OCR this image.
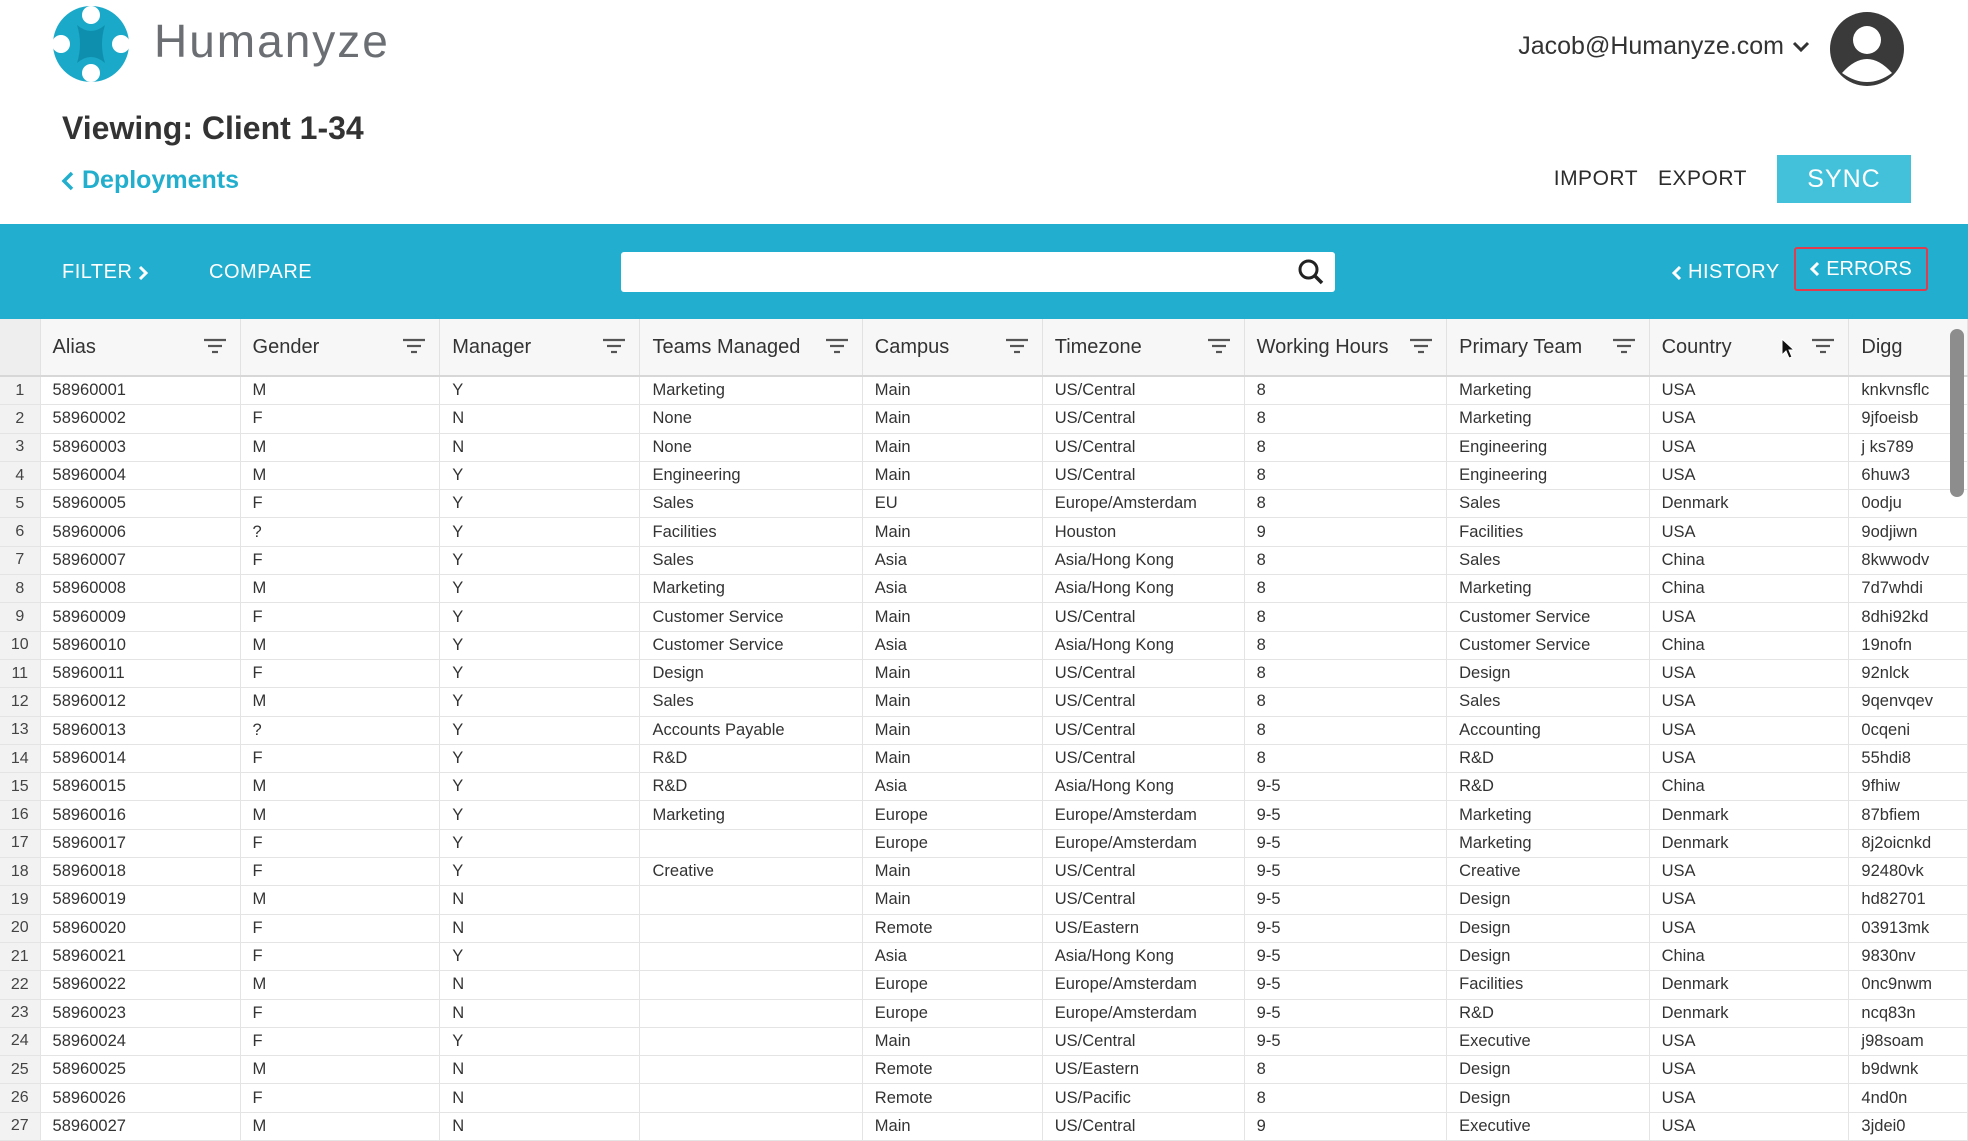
Humanyze	Jacob@Humanyze.com
Viewing: Client 1-34
Deployments	IMPORT EXPORT	SYNC
FILTER	COMPARE	HISTORY ERRORS
	Alias	Gender	Manager	Teams Managed	Campus	Timezone	Working Hours	Primary Team	Country	Digg
1	58960001	M	Y	Marketing	Main	US/Central	8	Marketing	USA	knkvnsflc
2	58960002	F	N	None	Main	US/Central	8	Marketing	USA	9jfoeisb
3	58960003	M	N	None	Main	US/Central	8	Engineering	USA	j ks789
4	58960004	M	Y	Engineering	Main	US/Central	8	Engineering	USA	6huw3
5	58960005	F	Y	Sales	EU	Europe/Amsterdam	8	Sales	Denmark	0odju
6	58960006	?	Y	Facilities	Main	Houston	9	Facilities	USA	9odjiwn
7	58960007	F	Y	Sales	Asia	Asia/Hong Kong	8	Sales	China	8kwwodv
8	58960008	M	Y	Marketing	Asia	Asia/Hong Kong	8	Marketing	China	7d7whdi
9	58960009	F	Y	Customer Service	Main	US/Central	8	Customer Service	USA	8dhi92kd
10	58960010	M	Y	Customer Service	Asia	Asia/Hong Kong	8	Customer Service	China	19nofn
11	58960011	F	Y	Design	Main	US/Central	8	Design	USA	92nlck
12	58960012	M	Y	Sales	Main	US/Central	8	Sales	USA	9qenvqev
13	58960013	?	Y	Accounts Payable	Main	US/Central	8	Accounting	USA	0cqeni
14	58960014	F	Y	R&D	Main	US/Central	8	R&D	USA	55hdi8
15	58960015	M	Y	R&D	Asia	Asia/Hong Kong	9-5	R&D	China	9fhiw
16	58960016	M	Y	Marketing	Europe	Europe/Amsterdam	9-5	Marketing	Denmark	87bfiem
17	58960017	F	Y		Europe	Europe/Amsterdam	9-5	Marketing	Denmark	8j2oicnkd
18	58960018	F	Y	Creative	Main	US/Central	9-5	Creative	USA	92480vk
19	58960019	M	N		Main	US/Central	9-5	Design	USA	hd82701
20	58960020	F	N		Remote	US/Eastern	9-5	Design	USA	03913mk
21	58960021	F	Y		Asia	Asia/Hong Kong	9-5	Design	China	9830nv
22	58960022	M	N		Europe	Europe/Amsterdam	9-5	Facilities	Denmark	0nc9nwm
23	58960023	F	N		Europe	Europe/Amsterdam	9-5	R&D	Denmark	ncq83n
24	58960024	F	Y		Main	US/Central	9-5	Executive	USA	j98soam
25	58960025	M	N		Remote	US/Eastern	8	Design	USA	b9dwnk
26	58960026	F	N		Remote	US/Pacific	8	Design	USA	4nd0n
27	58960027	M	N		Main	US/Central	9	Executive	USA	3jdei0
